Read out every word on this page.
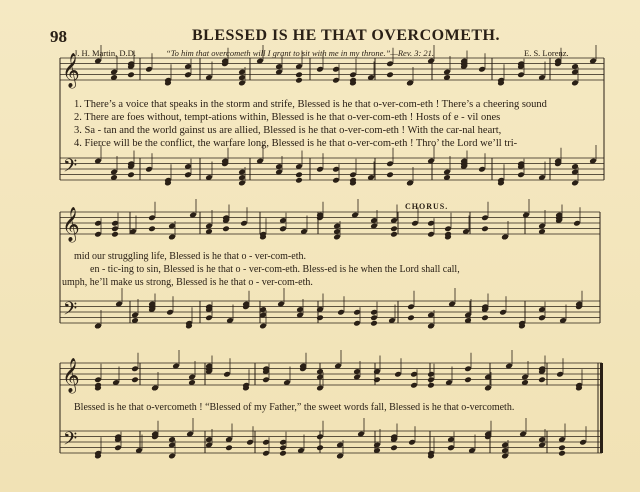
98	BLESSED IS HE THAT OVERCOMETH.
J. H. Martin, D.D.	“To him that overcometh will I grant to sit with me in my throne.”—Rev. 3: 21.	E. S. Lorenz.
𝄞
𝄢
𝄞
𝄢
𝄞
𝄢
1. There’s a voice that speaks in the storm and strife, Blessed is he that o-ver-com-eth ! There’s a cheering sound
2. There are foes without, tempt-ations within, Blessed is he that o-ver-com-eth ! Hosts of e - vil ones
3. Sa - tan and the world gainst us are allied, Blessed is he that o-ver-com-eth ! With the car-nal heart,
4. Fierce will be the conflict, the warfare long, Blessed is he that o-ver-com-eth ! Thro’ the Lord we’ll tri-
CHORUS.
mid our struggling life, Blessed is he that o - ver-com-eth.
en - tic-ing to sin, Blessed is he that o - ver-com-eth. Bless-ed is he when the Lord shall call,
umph, he’ll make us strong, Blessed is he that o - ver-com-eth.
Blessed is he that o-vercometh ! “Blessed of my Father,” the sweet words fall, Blessed is he that o-vercometh.
